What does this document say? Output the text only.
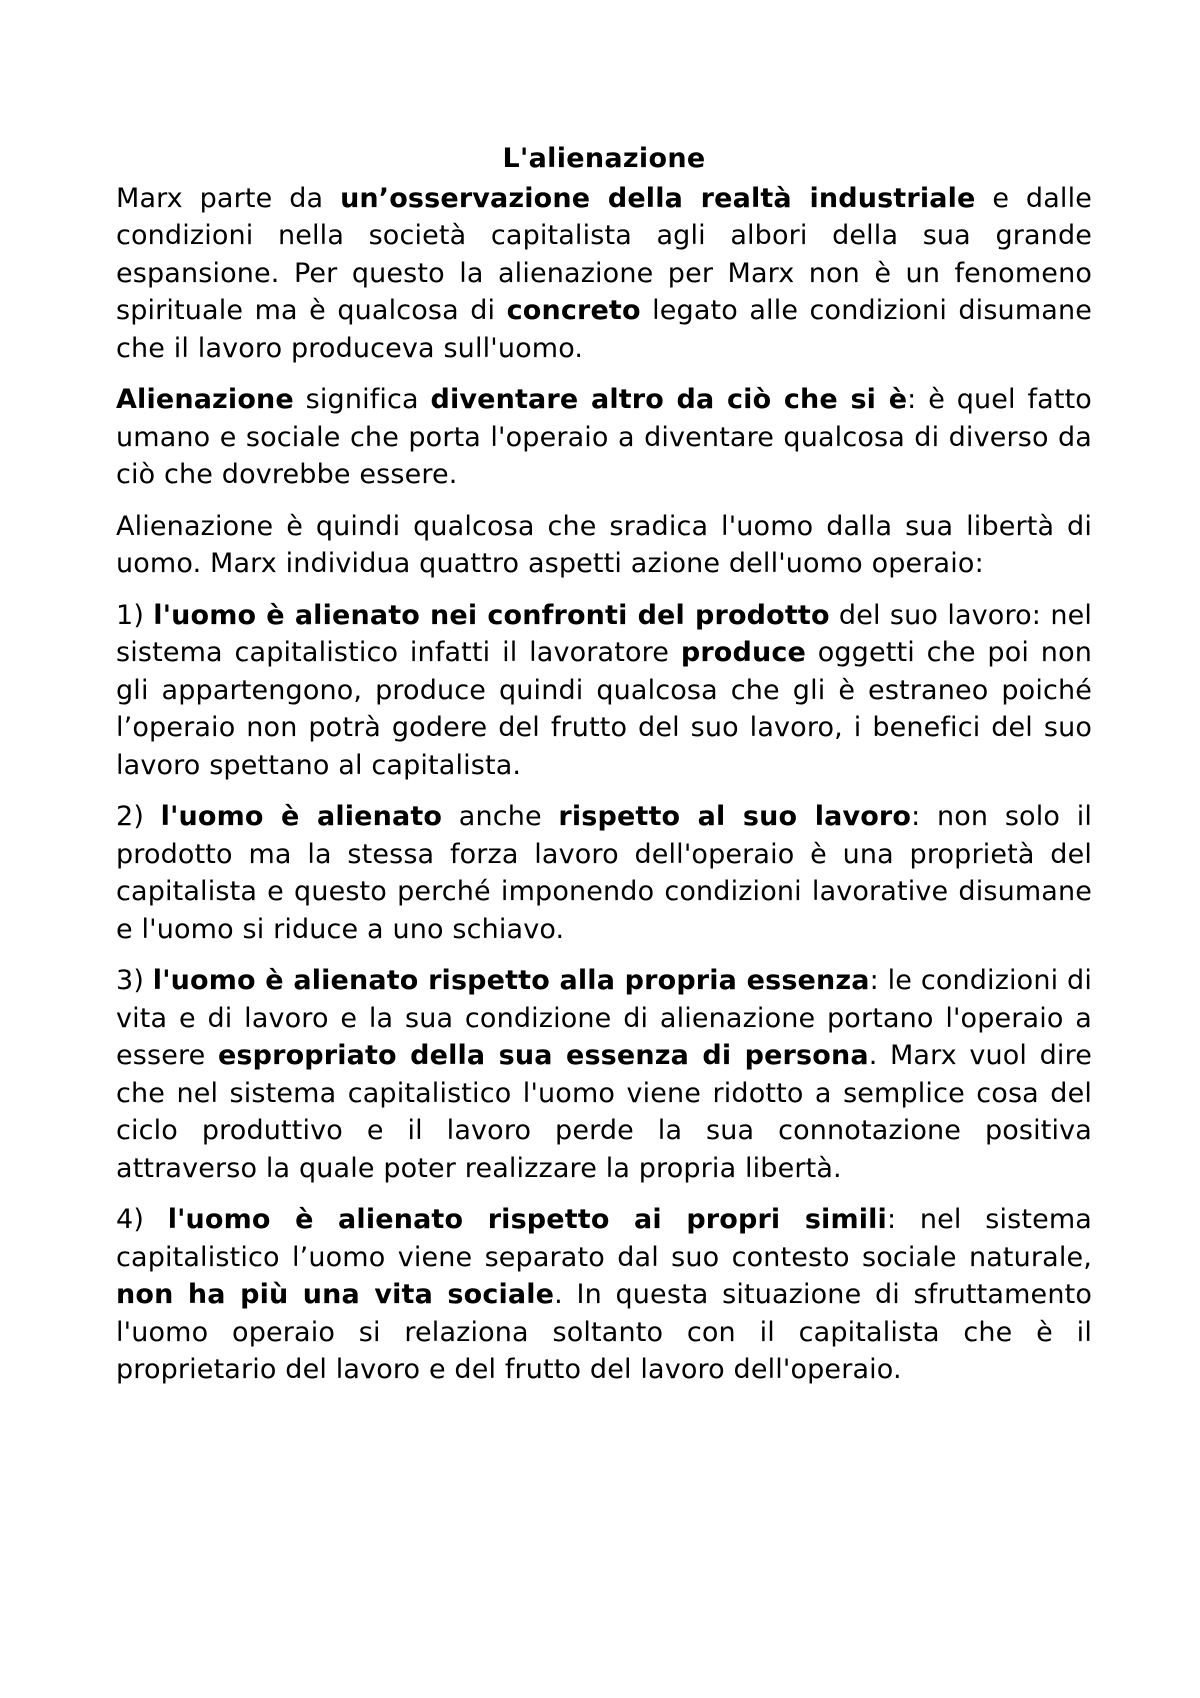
L'alienazione

Marx parte da un’osservazione della realtà industriale e dalle condizioni nella società capitalista agli albori della sua grande espansione. Per questo la alienazione per Marx non è un fenomeno spirituale ma è qualcosa di concreto legato alle condizioni disumane che il lavoro produceva sull'uomo.

Alienazione significa diventare altro da ciò che si è: è quel fatto umano e sociale che porta l'operaio a diventare qualcosa di diverso da ciò che dovrebbe essere.

Alienazione è quindi qualcosa che sradica l'uomo dalla sua libertà di uomo. Marx individua quattro aspetti azione dell'uomo operaio:

1) l'uomo è alienato nei confronti del prodotto del suo lavoro: nel sistema capitalistico infatti il lavoratore produce oggetti che poi non gli appartengono, produce quindi qualcosa che gli è estraneo poiché l’operaio non potrà godere del frutto del suo lavoro, i benefici del suo lavoro spettano al capitalista.

2) l'uomo è alienato anche rispetto al suo lavoro: non solo il prodotto ma la stessa forza lavoro dell'operaio è una proprietà del capitalista e questo perché imponendo condizioni lavorative disumane e l'uomo si riduce a uno schiavo.

3) l'uomo è alienato rispetto alla propria essenza: le condizioni di vita e di lavoro e la sua condizione di alienazione portano l'operaio a essere espropriato della sua essenza di persona. Marx vuol dire che nel sistema capitalistico l'uomo viene ridotto a semplice cosa del ciclo produttivo e il lavoro perde la sua connotazione positiva attraverso la quale poter realizzare la propria libertà.

4) l'uomo è alienato rispetto ai propri simili: nel sistema capitalistico l’uomo viene separato dal suo contesto sociale naturale, non ha più una vita sociale. In questa situazione di sfruttamento l'uomo operaio si relaziona soltanto con il capitalista che è il proprietario del lavoro e del frutto del lavoro dell'operaio.
